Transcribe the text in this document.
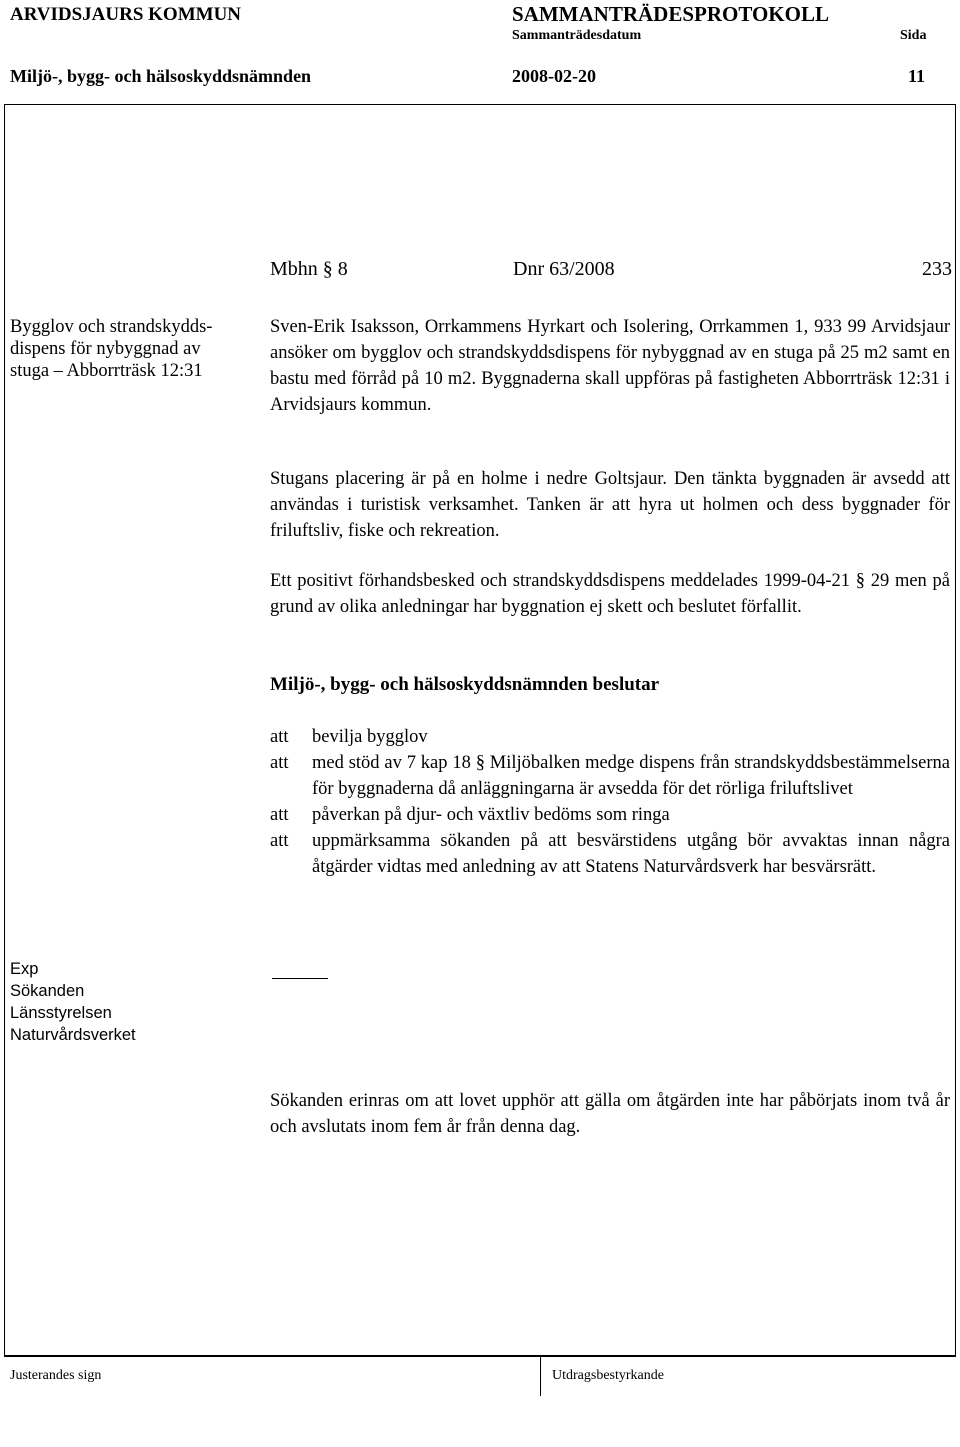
ARVIDSJAURS KOMMUN	SAMMANTRÄDESPROTOKOLL
Sammanträdesdatum	Sida
Miljö-, bygg- och hälsoskyddsnämnden	2008-02-20	11
Mbhn § 8	Dnr 63/2008	233
Bygglov och strandskydds-
dispens för nybyggnad av
stuga – Abborrträsk 12:31

Sven-Erik Isaksson, Orrkammens Hyrkart och Isolering, Orrkammen 1, 933 99 Arvidsjaur ansöker om bygglov och strandskyddsdispens för nybyggnad av en stuga på 25 m2 samt en bastu med förråd på 10 m2. Byggnaderna skall uppföras på fastigheten Abborrträsk 12:31 i Arvidsjaurs kommun.

Stugans placering är på en holme i nedre Goltsjaur. Den tänkta byggnaden är avsedd att användas i turistisk verksamhet. Tanken är att hyra ut holmen och dess byggnader för friluftsliv, fiske och rekreation.

Ett positivt förhandsbesked och strandskyddsdispens meddelades 1999-04-21 § 29 men på grund av olika anledningar har byggnation ej skett och beslutet förfallit.

Miljö-, bygg- och hälsoskyddsnämnden beslutar
att	bevilja bygglov
att	med stöd av 7 kap 18 § Miljöbalken medge dispens från strandskyddsbestämmelserna för byggnaderna då anläggningarna är avsedda för det rörliga friluftslivet
att	påverkan på djur- och växtliv bedöms som ringa
att	uppmärksamma sökanden på att besvärstidens utgång bör avvaktas innan några åtgärder vidtas med anledning av att Statens Naturvårdsverk har besvärsrätt.
Exp
Sökanden
Länsstyrelsen
Naturvårdsverket

Sökanden erinras om att lovet upphör att gälla om åtgärden inte har påbörjats inom två år och avslutats inom fem år från denna dag.

Justerandes sign	Utdragsbestyrkande
